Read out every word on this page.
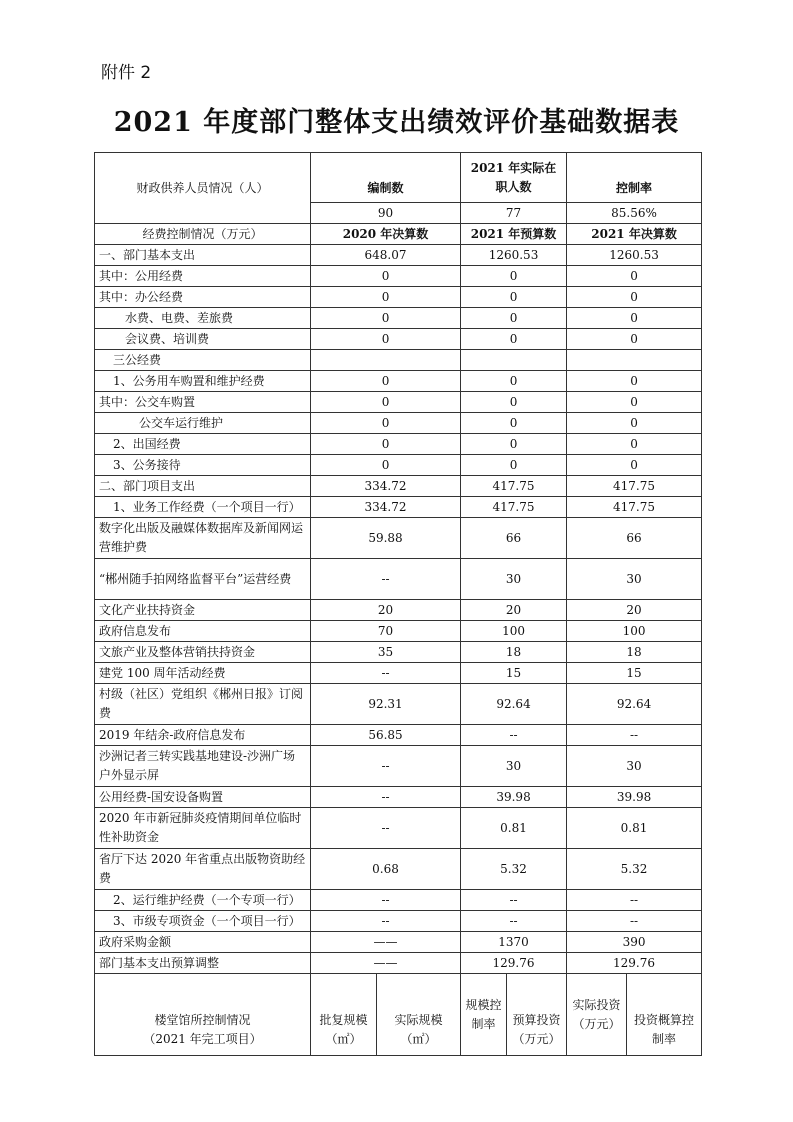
附件 2
2021 年度部门整体支出绩效评价基础数据表
财政供养人员情况（人）	编制数		2021 年实际在职人数		控制率	
	90		77		85.56%	
经费控制情况（万元）	2020 年决算数		2021 年预算数		2021 年决算数	
一、部门基本支出	648.07		1260.53		1260.53	
其中：公用经费	0		0		0	
其中：办公经费	0		0		0	
水费、电费、差旅费	0		0		0	
会议费、培训费	0		0		0	
三公经费						
1、公务用车购置和维护经费	0		0		0	
其中：公交车购置	0		0		0	
公交车运行维护	0		0		0	
2、出国经费	0		0		0	
3、公务接待	0		0		0	
二、部门项目支出	334.72		417.75		417.75	
1、业务工作经费（一个项目一行）	334.72		417.75		417.75	
数字化出版及融媒体数据库及新闻网运营维护费	59.88		66		66	
“郴州随手拍网络监督平台”运营经费	--		30		30	
文化产业扶持资金	20		20		20	
政府信息发布	70		100		100	
文旅产业及整体营销扶持资金	35		18		18	
建党 100 周年活动经费	--		15		15	
村级（社区）党组织《郴州日报》订阅费	92.31		92.64		92.64	
2019 年结余-政府信息发布	56.85		--		--	
沙洲记者三转实践基地建设-沙洲广场户外显示屏	--		30		30	
公用经费-国安设备购置	--		39.98		39.98	
2020 年市新冠肺炎疫情期间单位临时性补助资金	--		0.81		0.81	
省厅下达 2020 年省重点出版物资助经费	0.68		5.32		5.32	
2、运行维护经费（一个专项一行）	--		--		--	
3、市级专项资金（一个项目一行）	--		--		--	
政府采购金额	——		1370		390	
部门基本支出预算调整	——		129.76		129.76	

楼堂馆所控制情况
（2021 年完工项目）	批复规模 （㎡）	实际规模 （㎡）	规模控制率	预算投资（万元）	实际投资（万元）	投资概算控制率
